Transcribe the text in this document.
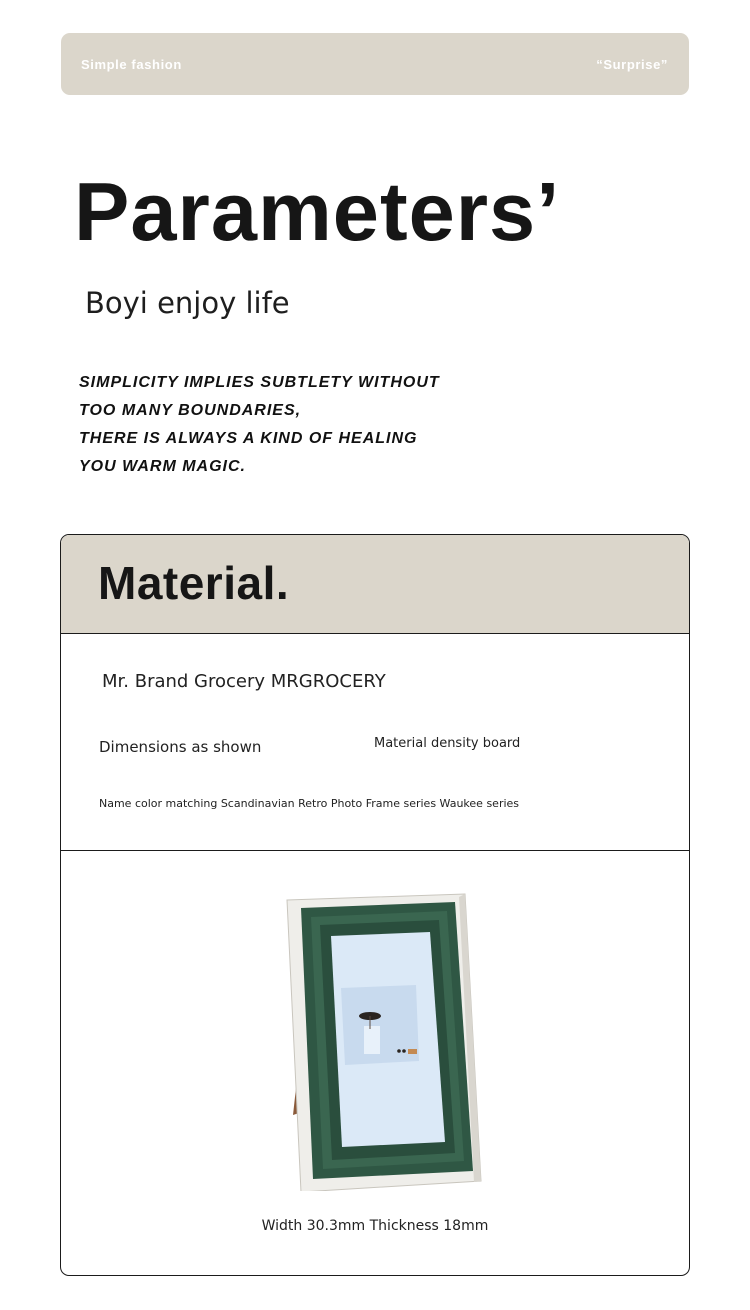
Simple fashion	“Surprise”
Parameters’

Boyi enjoy life

SIMPLICITY IMPLIES SUBTLETY WITHOUT
TOO MANY BOUNDARIES,
THERE IS ALWAYS A KIND OF HEALING
YOU WARM MAGIC.
Material.
Mr. Brand Grocery MRGROCERY
Dimensions as shown	Material density board
Name color matching Scandinavian Retro Photo Frame series Waukee series
Width 30.3mm Thickness 18mm
